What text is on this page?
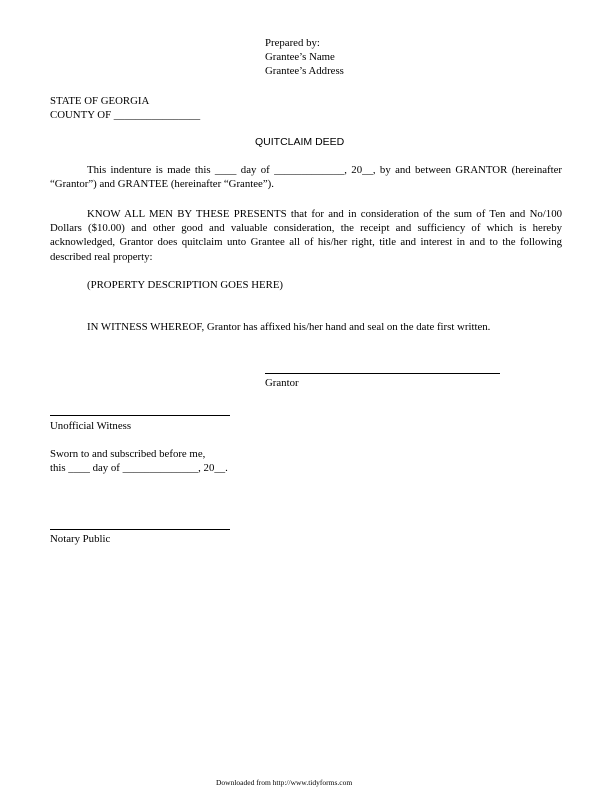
Prepared by:
Grantee’s Name
Grantee’s Address
STATE OF GEORGIA
COUNTY OF ________________
QUITCLAIM DEED
This indenture is made this ____ day of _____________, 20__, by and between GRANTOR (hereinafter “Grantor”) and GRANTEE (hereinafter “Grantee”).
KNOW ALL MEN BY THESE PRESENTS that for and in consideration of the sum of Ten and No/100 Dollars ($10.00) and other good and valuable consideration, the receipt and sufficiency of which is hereby acknowledged, Grantor does quitclaim unto Grantee all of his/her right, title and interest in and to the following described real property:
(PROPERTY DESCRIPTION GOES HERE)
IN WITNESS WHEREOF, Grantor has affixed his/her hand and seal on the date first written.
Grantor
Unofficial Witness
Sworn to and subscribed before me,
this ____ day of ______________, 20__.
Notary Public
Downloaded from http://www.tidyforms.com
